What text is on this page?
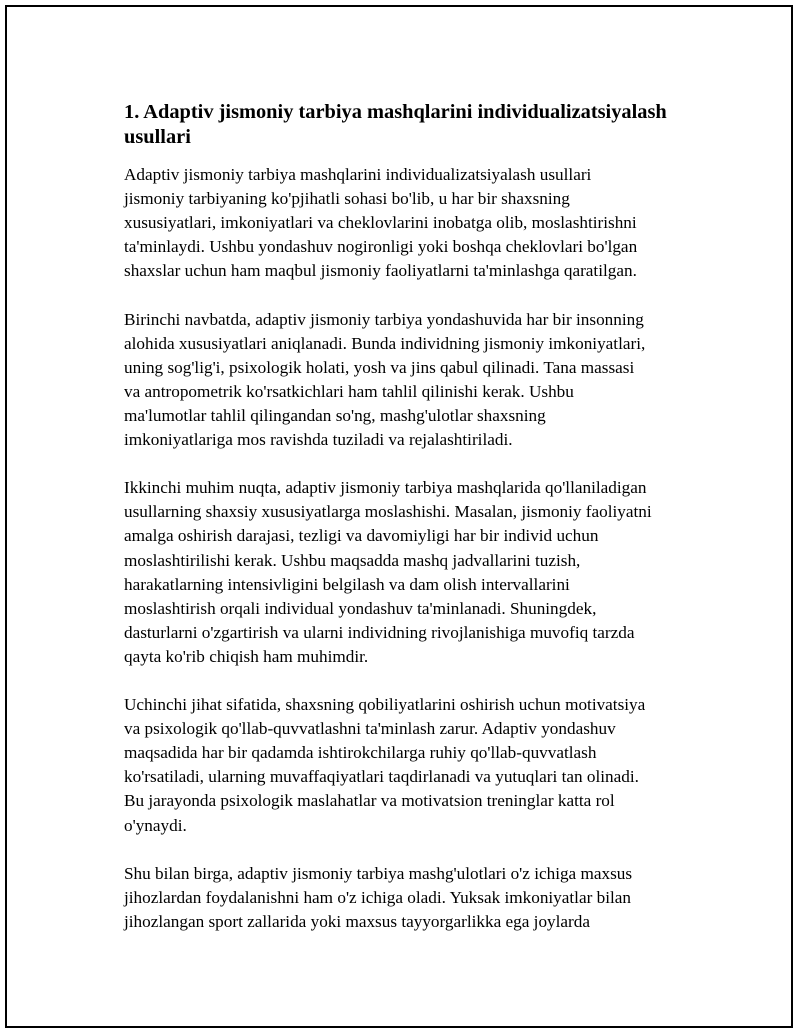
1. Adaptiv jismoniy tarbiya mashqlarini individualizatsiyalash
usullari

Adaptiv jismoniy tarbiya mashqlarini individualizatsiyalash usullari
jismoniy tarbiyaning ko'pjihatli sohasi bo'lib, u har bir shaxsning
xususiyatlari, imkoniyatlari va cheklovlarini inobatga olib, moslashtirishni
ta'minlaydi. Ushbu yondashuv nogironligi yoki boshqa cheklovlari bo'lgan
shaxslar uchun ham maqbul jismoniy faoliyatlarni ta'minlashga qaratilgan.

Birinchi navbatda, adaptiv jismoniy tarbiya yondashuvida har bir insonning
alohida xususiyatlari aniqlanadi. Bunda individning jismoniy imkoniyatlari,
uning sog'lig'i, psixologik holati, yosh va jins qabul qilinadi. Tana massasi
va antropometrik ko'rsatkichlari ham tahlil qilinishi kerak. Ushbu
ma'lumotlar tahlil qilingandan so'ng, mashg'ulotlar shaxsning
imkoniyatlariga mos ravishda tuziladi va rejalashtiriladi.

Ikkinchi muhim nuqta, adaptiv jismoniy tarbiya mashqlarida qo'llaniladigan
usullarning shaxsiy xususiyatlarga moslashishi. Masalan, jismoniy faoliyatni
amalga oshirish darajasi, tezligi va davomiyligi har bir individ uchun
moslashtirilishi kerak. Ushbu maqsadda mashq jadvallarini tuzish,
harakatlarning intensivligini belgilash va dam olish intervallarini
moslashtirish orqali individual yondashuv ta'minlanadi. Shuningdek,
dasturlarni o'zgartirish va ularni individning rivojlanishiga muvofiq tarzda
qayta ko'rib chiqish ham muhimdir.

Uchinchi jihat sifatida, shaxsning qobiliyatlarini oshirish uchun motivatsiya
va psixologik qo'llab-quvvatlashni ta'minlash zarur. Adaptiv yondashuv
maqsadida har bir qadamda ishtirokchilarga ruhiy qo'llab-quvvatlash
ko'rsatiladi, ularning muvaffaqiyatlari taqdirlanadi va yutuqlari tan olinadi.
Bu jarayonda psixologik maslahatlar va motivatsion treninglar katta rol
o'ynaydi.

Shu bilan birga, adaptiv jismoniy tarbiya mashg'ulotlari o'z ichiga maxsus
jihozlardan foydalanishni ham o'z ichiga oladi. Yuksak imkoniyatlar bilan
jihozlangan sport zallarida yoki maxsus tayyorgarlikka ega joylarda
